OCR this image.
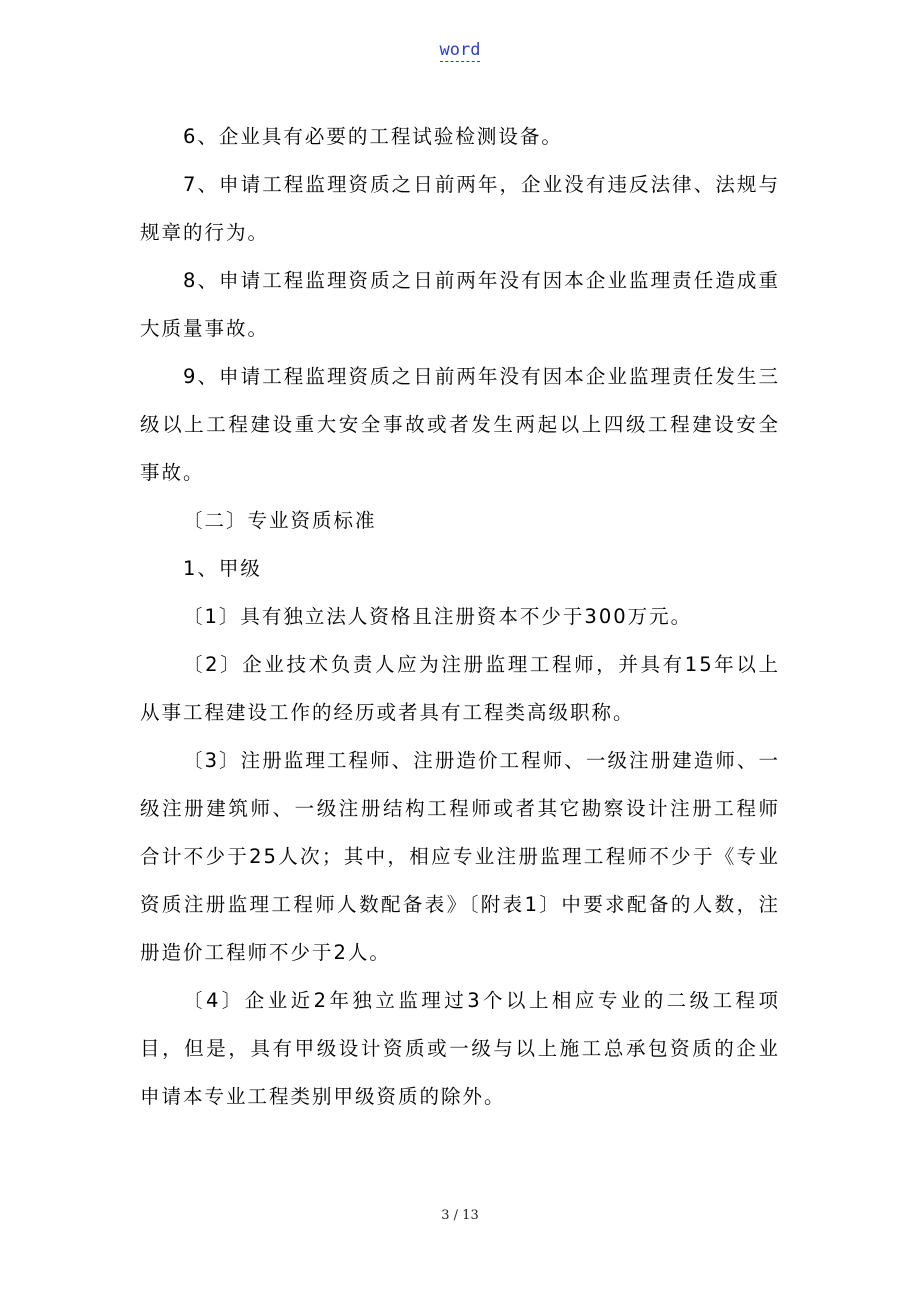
word

6、企业具有必要的工程试验检测设备。

7、申请工程监理资质之日前两年，企业没有违反法律、法规与规章的行为。

8、申请工程监理资质之日前两年没有因本企业监理责任造成重大质量事故。

9、申请工程监理资质之日前两年没有因本企业监理责任发生三级以上工程建设重大安全事故或者发生两起以上四级工程建设安全事故。

〔二〕专业资质标准

1、甲级

〔1〕具有独立法人资格且注册资本不少于300万元。

〔2〕企业技术负责人应为注册监理工程师，并具有15年以上从事工程建设工作的经历或者具有工程类高级职称。

〔3〕注册监理工程师、注册造价工程师、一级注册建造师、一级注册建筑师、一级注册结构工程师或者其它勘察设计注册工程师合计不少于25人次；其中，相应专业注册监理工程师不少于《专业资质注册监理工程师人数配备表》〔附表1〕中要求配备的人数，注册造价工程师不少于2人。

〔4〕企业近2年独立监理过3个以上相应专业的二级工程项目，但是，具有甲级设计资质或一级与以上施工总承包资质的企业申请本专业工程类别甲级资质的除外。

3 / 13
